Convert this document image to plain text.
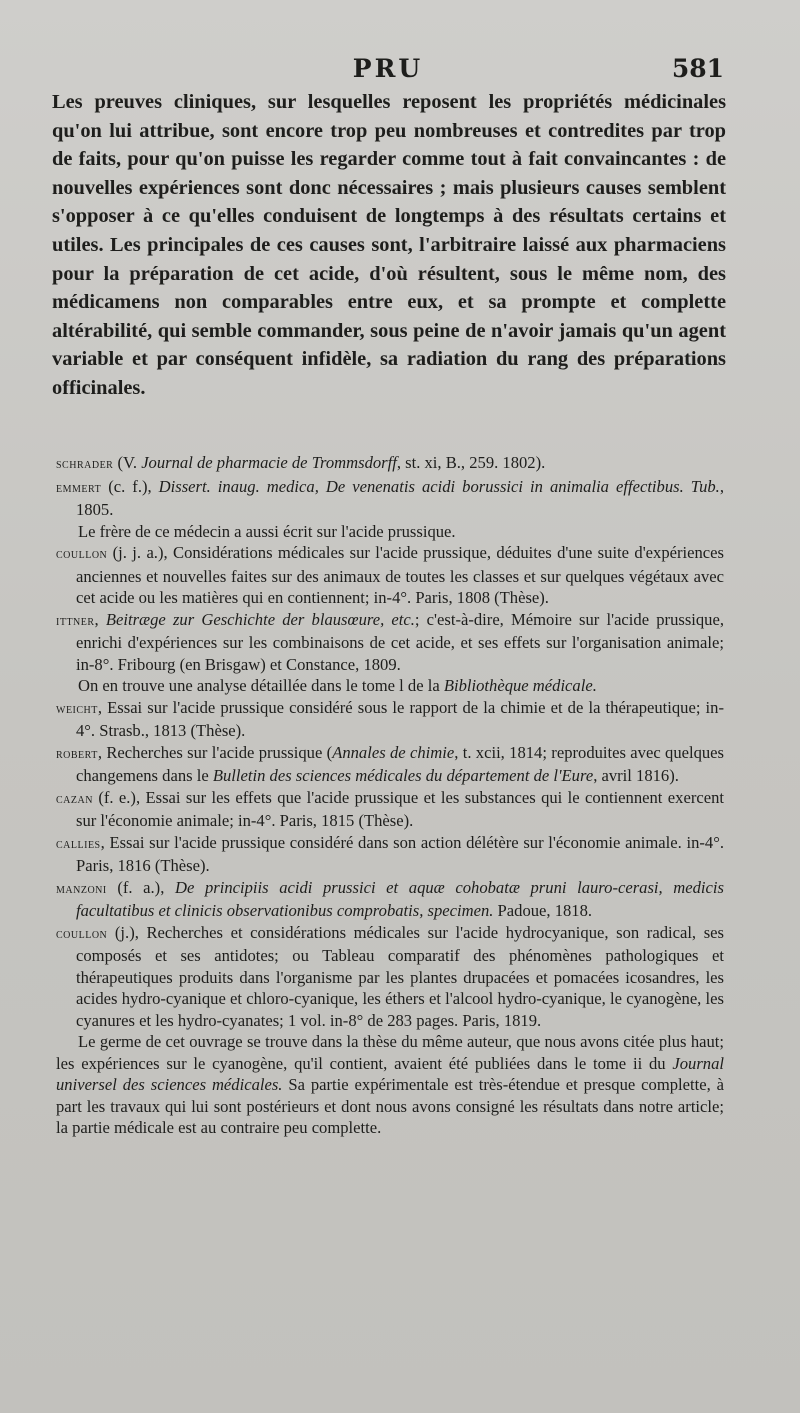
PRU	581

Les preuves cliniques, sur lesquelles reposent les propriétés médicinales qu'on lui attribue, sont encore trop peu nombreuses et contredites par trop de faits, pour qu'on puisse les regarder comme tout à fait convaincantes : de nouvelles expériences sont donc nécessaires ; mais plusieurs causes semblent s'opposer à ce qu'elles conduisent de longtemps à des résultats certains et utiles. Les principales de ces causes sont, l'arbitraire laissé aux pharmaciens pour la préparation de cet acide, d'où résultent, sous le même nom, des médicamens non comparables entre eux, et sa prompte et complette altérabilité, qui semble commander, sous peine de n'avoir jamais qu'un agent variable et par conséquent infidèle, sa radiation du rang des préparations officinales.

schrader (V. Journal de pharmacie de Trommsdorff, st. xi, B., 259. 1802).

emmert (c. f.), Dissert. inaug. medica, De venenatis acidi borussici in animalia effectibus. Tub., 1805.

Le frère de ce médecin a aussi écrit sur l'acide prussique.

coullon (j. j. a.), Considérations médicales sur l'acide prussique, déduites d'une suite d'expériences anciennes et nouvelles faites sur des animaux de toutes les classes et sur quelques végétaux avec cet acide ou les matières qui en contiennent; in-4°. Paris, 1808 (Thèse).

ittner, Beitræge zur Geschichte der blausœure, etc.; c'est-à-dire, Mémoire sur l'acide prussique, enrichi d'expériences sur les combinaisons de cet acide, et ses effets sur l'organisation animale; in-8°. Fribourg (en Brisgaw) et Constance, 1809.

On en trouve une analyse détaillée dans le tome l de la Bibliothèque médicale.

weicht, Essai sur l'acide prussique considéré sous le rapport de la chimie et de la thérapeutique; in-4°. Strasb., 1813 (Thèse).

robert, Recherches sur l'acide prussique (Annales de chimie, t. xcii, 1814; reproduites avec quelques changemens dans le Bulletin des sciences médicales du département de l'Eure, avril 1816).

cazan (f. e.), Essai sur les effets que l'acide prussique et les substances qui le contiennent exercent sur l'économie animale; in-4°. Paris, 1815 (Thèse).

callies, Essai sur l'acide prussique considéré dans son action délétère sur l'économie animale. in-4°. Paris, 1816 (Thèse).

manzoni (f. a.), De principiis acidi prussici et aquæ cohobatæ pruni lauro-cerasi, medicis facultatibus et clinicis observationibus comprobatis, specimen. Padoue, 1818.

coullon (j.), Recherches et considérations médicales sur l'acide hydrocyanique, son radical, ses composés et ses antidotes; ou Tableau comparatif des phénomènes pathologiques et thérapeutiques produits dans l'organisme par les plantes drupacées et pomacées icosandres, les acides hydro-cyanique et chloro-cyanique, les éthers et l'alcool hydro-cyanique, le cyanogène, les cyanures et les hydro-cyanates; 1 vol. in-8° de 283 pages. Paris, 1819.

Le germe de cet ouvrage se trouve dans la thèse du même auteur, que nous avons citée plus haut; les expériences sur le cyanogène, qu'il contient, avaient été publiées dans le tome ii du Journal universel des sciences médicales. Sa partie expérimentale est très-étendue et presque complette, à part les travaux qui lui sont postérieurs et dont nous avons consigné les résultats dans notre article; la partie médicale est au contraire peu complette.
